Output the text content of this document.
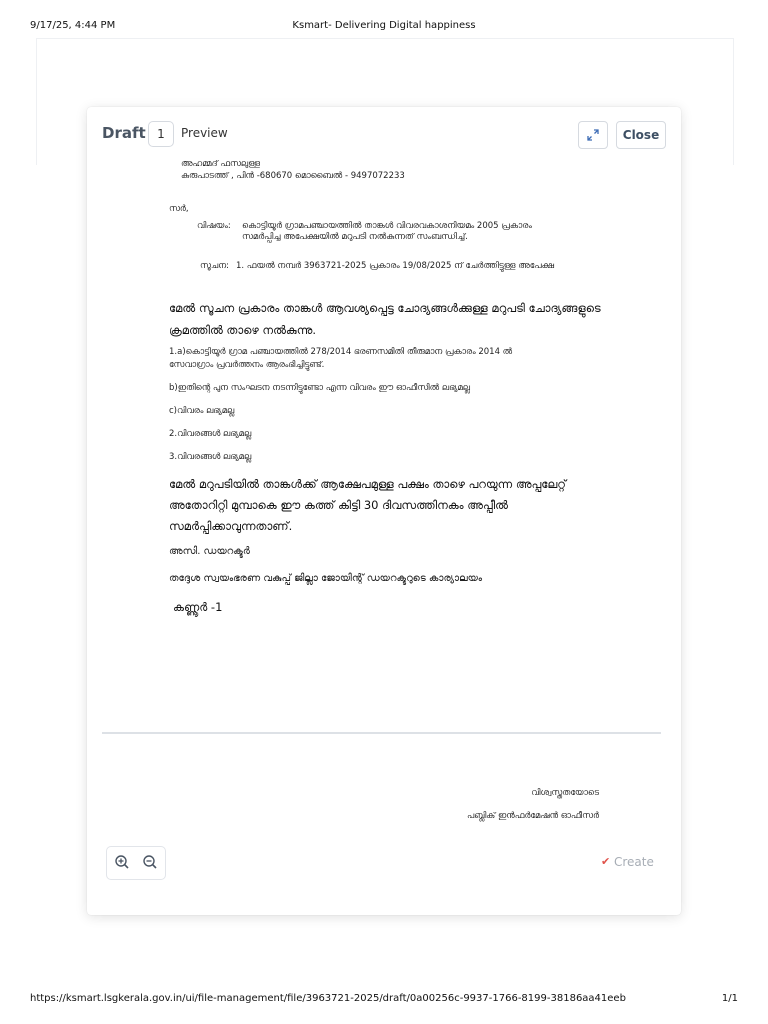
9/17/25, 4:44 PM	Ksmart- Delivering Digital happiness
Draft 1	Preview	Close
അഹമ്മദ് ഫസലുള്ള
കുരുപാടത്ത് , പിൻ -680670 മൊബൈൽ - 9497072233
സർ,
വിഷയം: കൊട്ടിയൂർ ഗ്രാമപഞ്ചായത്തിൽ താങ്കൾ വിവരവകാശനിയമം 2005 പ്രകാരം
സമർപ്പിച്ച അപേക്ഷയിൽ മറുപടി നൽകുന്നത് സംബന്ധിച്ച്.
സൂചന: 1. ഫയൽ നമ്പർ 3963721-2025 പ്രകാരം 19/08/2025 ന് ചേർത്തിട്ടുള്ള അപേക്ഷ
മേൽ സൂചന പ്രകാരം താങ്കൾ ആവശ്യപ്പെട്ട ചോദ്യങ്ങൾക്കുള്ള മറുപടി ചോദ്യങ്ങളുടെ
ക്രമത്തിൽ താഴെ നൽകുന്നു.
1.a)കൊട്ടിയൂർ ഗ്രാമ പഞ്ചായത്തിൽ 278/2014 ഭരണസമിതി തീരുമാന പ്രകാരം 2014 ൽ
സേവാഗ്രാം പ്രവർത്തനം ആരംഭിച്ചിട്ടുണ്ട്.
b)ഇതിന്റെ പുന സംഘടന നടന്നിട്ടുണ്ടോ എന്ന വിവരം ഈ ഓഫീസിൽ ലഭ്യമല്ല
c)വിവരം ലഭ്യമല്ല
2.വിവരങ്ങൾ ലഭ്യമല്ല
3.വിവരങ്ങൾ ലഭ്യമല്ല
മേൽ മറുപടിയിൽ താങ്കൾക്ക് ആക്ഷേപമുള്ള പക്ഷം താഴെ പറയുന്ന അപ്പലേറ്റ്
അതോറിറ്റി മുമ്പാകെ ഈ കത്ത് കിട്ടി 30 ദിവസത്തിനകം അപ്പീൽ
സമർപ്പിക്കാവുന്നതാണ്.
അസി. ഡയറക്ടർ
തദ്ദേശ സ്വയംഭരണ വകുപ്പ് ജില്ലാ ജോയിന്റ് ഡയറക്ടറുടെ കാര്യാലയം
കണ്ണൂർ -1
വിശ്വസ്തതയോടെ
പബ്ലിക് ഇൻഫർമേഷൻ ഓഫീസർ
✔ Create
https://ksmart.lsgkerala.gov.in/ui/file-management/file/3963721-2025/draft/0a00256c-9937-1766-8199-38186aa41eeb	1/1
